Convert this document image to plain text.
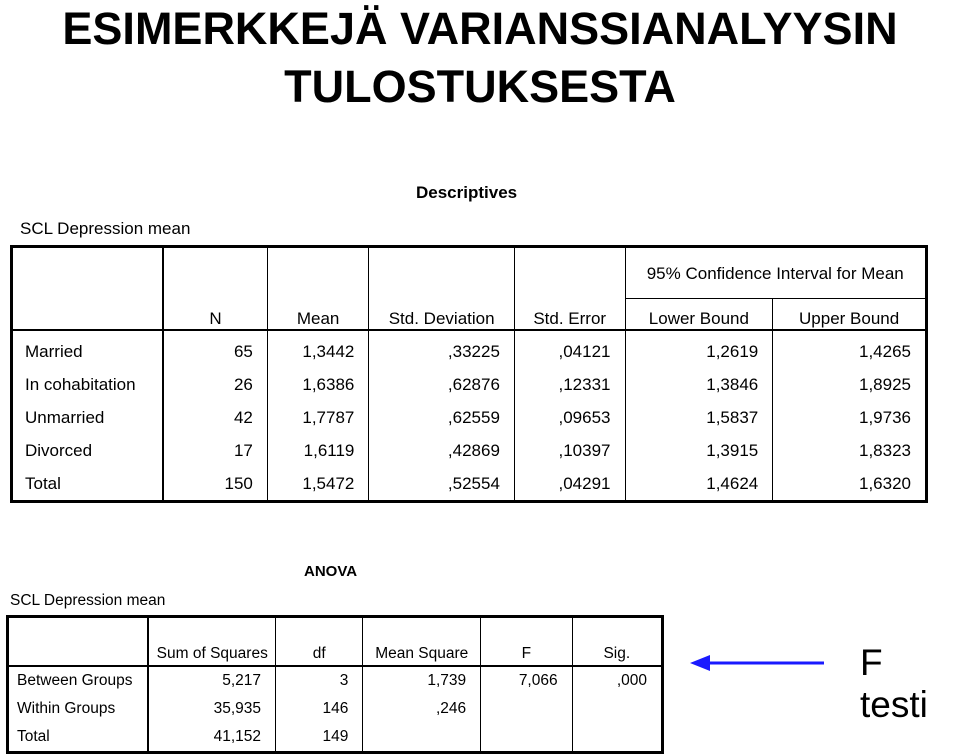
ESIMERKKEJÄ VARIANSSIANALYYSIN
TULOSTUKSESTA
Descriptives
SCL Depression mean
					95% Confidence Interval for Mean	
	N	Mean	Std. Deviation	Std. Error	Lower Bound	Upper Bound
Married	65	1,3442	,33225	,04121	1,2619	1,4265
In cohabitation	26	1,6386	,62876	,12331	1,3846	1,8925
Unmarried	42	1,7787	,62559	,09653	1,5837	1,9736
Divorced	17	1,6119	,42869	,10397	1,3915	1,8323
Total	150	1,5472	,52554	,04291	1,4624	1,6320
ANOVA
SCL Depression mean
	Sum of Squares	df	Mean Square	F	Sig.
Between Groups	5,217	3	1,739	7,066	,000
Within Groups	35,935	146	,246		
Total	41,152	149			
F testi
